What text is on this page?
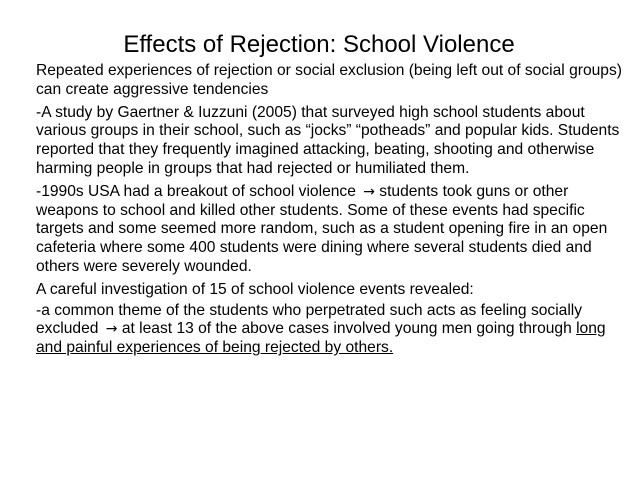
Effects of Rejection: School Violence

Repeated experiences of rejection or social exclusion (being left out of social groups) can create aggressive tendencies

-A study by Gaertner & Iuzzuni (2005) that surveyed high school students about various groups in their school, such as “jocks” “potheads” and popular kids. Students reported that they frequently imagined attacking, beating, shooting and otherwise harming people in groups that had rejected or humiliated them.

-1990s USA had a breakout of school violence → students took guns or other weapons to school and killed other students. Some of these events had specific targets and some seemed more random, such as a student opening fire in an open cafeteria where some 400 students were dining where several students died and others were severely wounded.

A careful investigation of 15 of school violence events revealed:

-a common theme of the students who perpetrated such acts as feeling socially excluded → at least 13 of the above cases involved young men going through long and painful experiences of being rejected by others.
